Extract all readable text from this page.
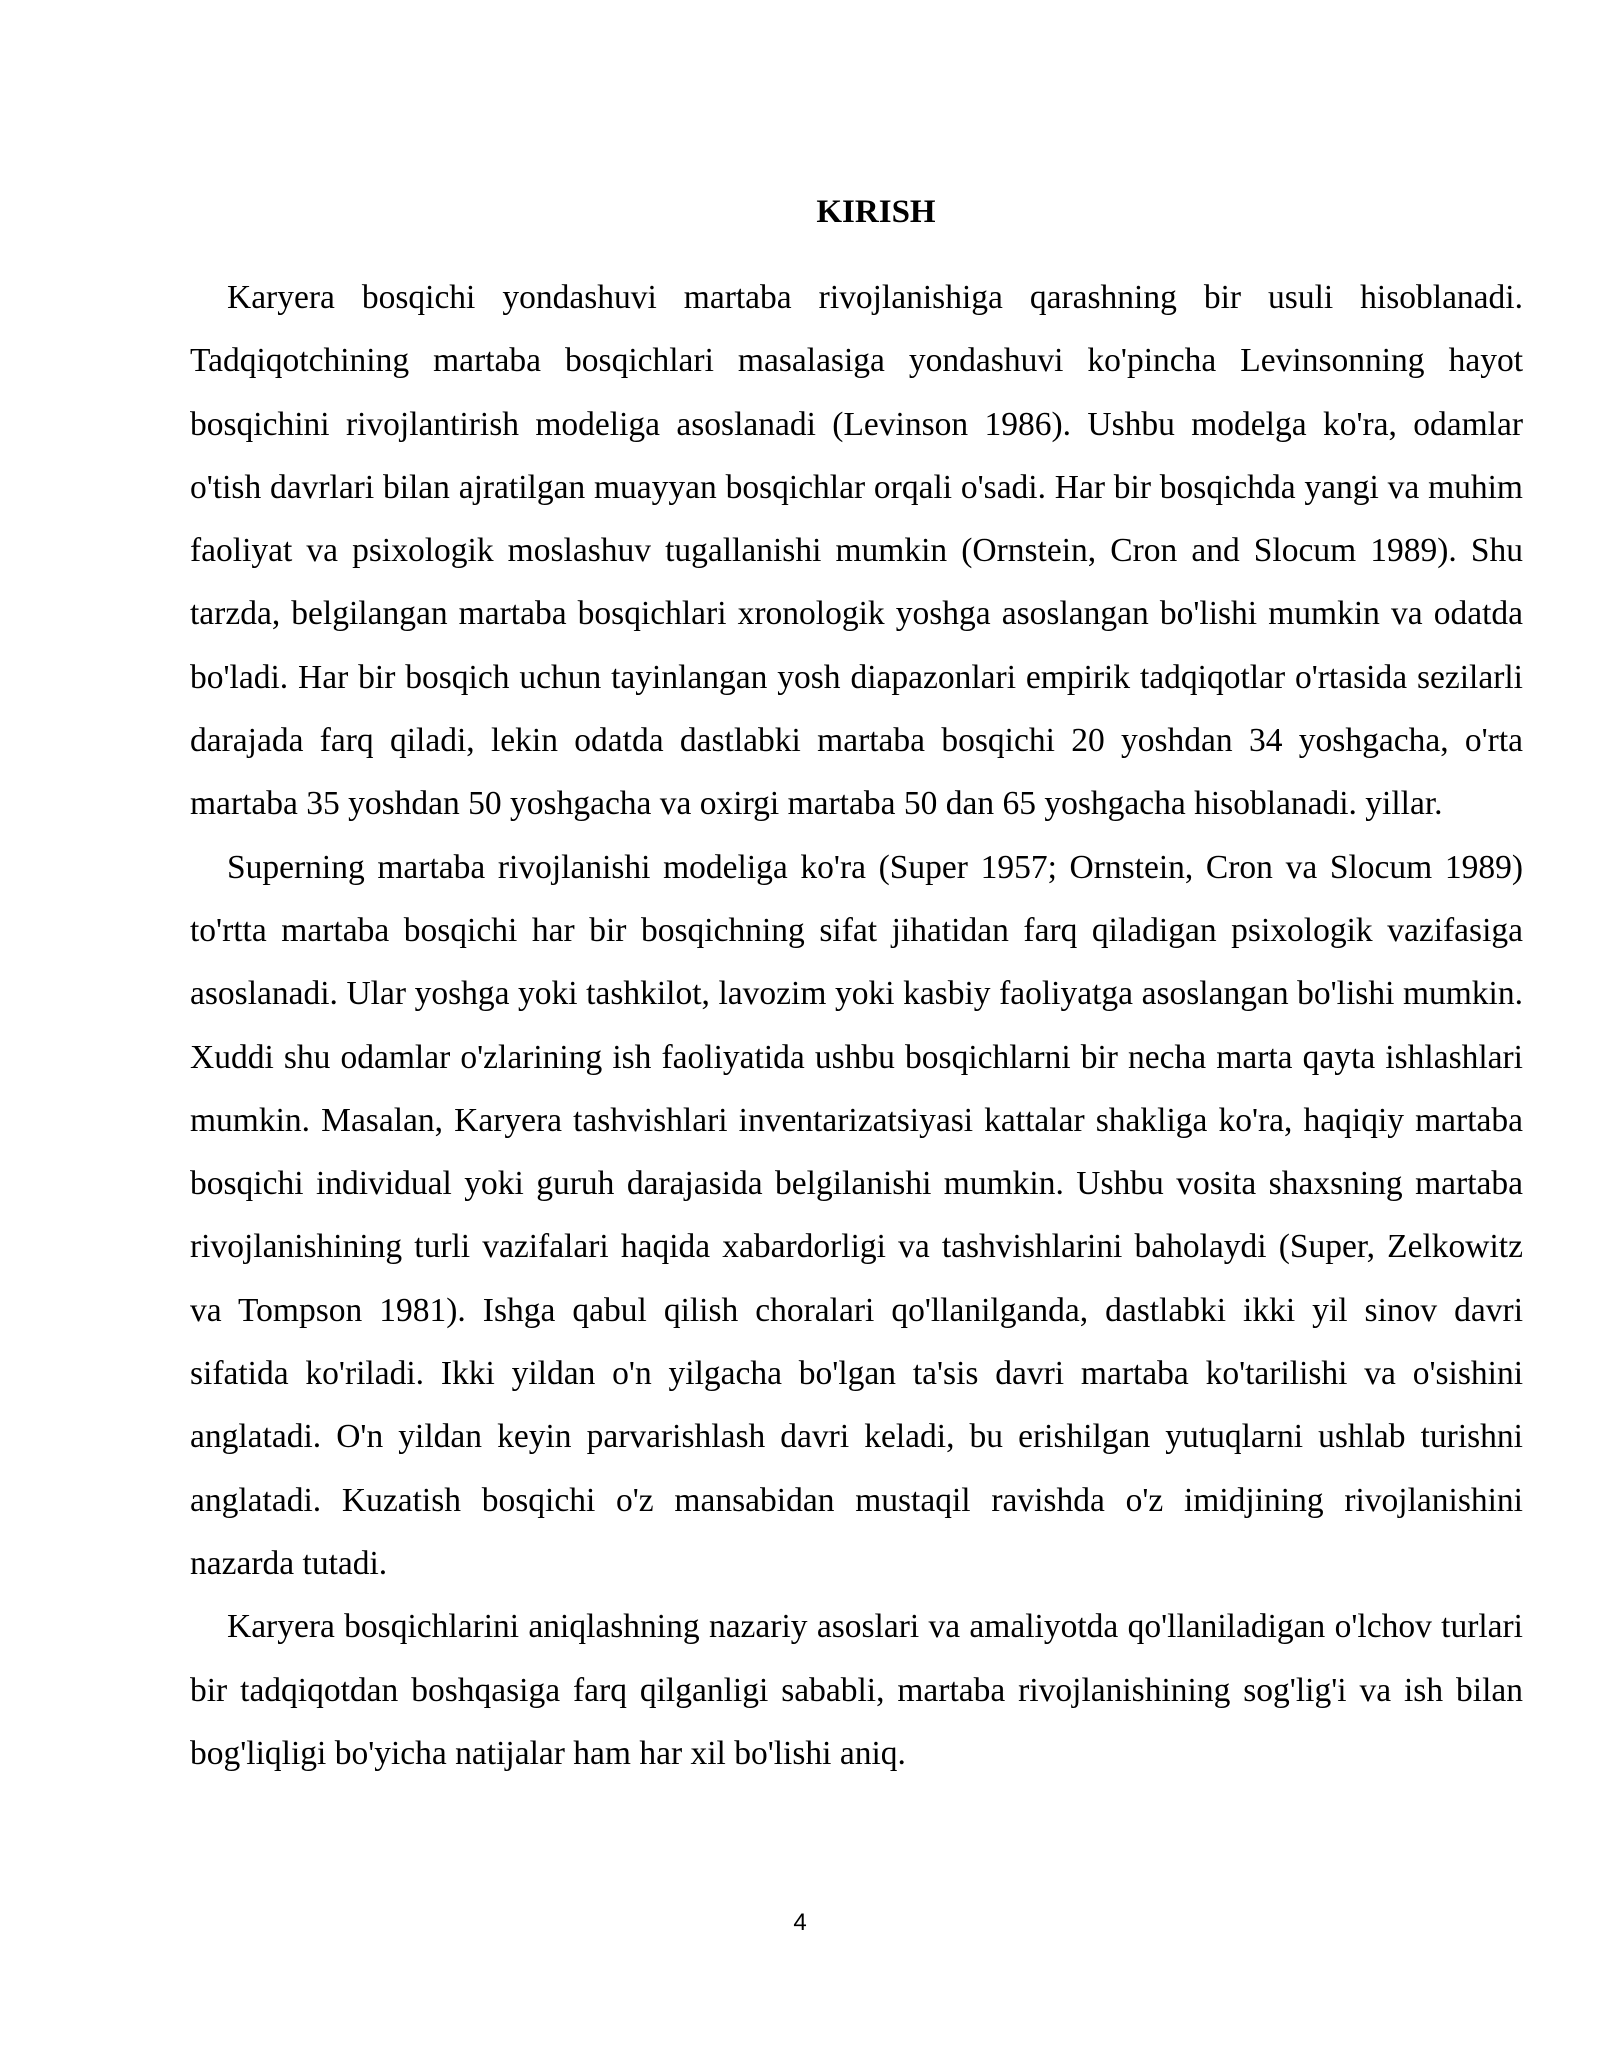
KIRISH

Karyera bosqichi yondashuvi martaba rivojlanishiga qarashning bir usuli hisoblanadi. Tadqiqotchining martaba bosqichlari masalasiga yondashuvi ko'pincha Levinsonning hayot bosqichini rivojlantirish modeliga asoslanadi (Levinson 1986). Ushbu modelga ko'ra, odamlar o'tish davrlari bilan ajratilgan muayyan bosqichlar orqali o'sadi. Har bir bosqichda yangi va muhim faoliyat va psixologik moslashuv tugallanishi mumkin (Ornstein, Cron and Slocum 1989). Shu tarzda, belgilangan martaba bosqichlari xronologik yoshga asoslangan bo'lishi mumkin va odatda bo'ladi. Har bir bosqich uchun tayinlangan yosh diapazonlari empirik tadqiqotlar o'rtasida sezilarli darajada farq qiladi, lekin odatda dastlabki martaba bosqichi 20 yoshdan 34 yoshgacha, o'rta martaba 35 yoshdan 50 yoshgacha va oxirgi martaba 50 dan 65 yoshgacha hisoblanadi. yillar.

Superning martaba rivojlanishi modeliga ko'ra (Super 1957; Ornstein, Cron va Slocum 1989) to'rtta martaba bosqichi har bir bosqichning sifat jihatidan farq qiladigan psixologik vazifasiga asoslanadi. Ular yoshga yoki tashkilot, lavozim yoki kasbiy faoliyatga asoslangan bo'lishi mumkin. Xuddi shu odamlar o'zlarining ish faoliyatida ushbu bosqichlarni bir necha marta qayta ishlashlari mumkin. Masalan, Karyera tashvishlari inventarizatsiyasi kattalar shakliga ko'ra, haqiqiy martaba bosqichi individual yoki guruh darajasida belgilanishi mumkin. Ushbu vosita shaxsning martaba rivojlanishining turli vazifalari haqida xabardorligi va tashvishlarini baholaydi (Super, Zelkowitz va Tompson 1981). Ishga qabul qilish choralari qo'llanilganda, dastlabki ikki yil sinov davri sifatida ko'riladi. Ikki yildan o'n yilgacha bo'lgan ta'sis davri martaba ko'tarilishi va o'sishini anglatadi. O'n yildan keyin parvarishlash davri keladi, bu erishilgan yutuqlarni ushlab turishni anglatadi. Kuzatish bosqichi o'z mansabidan mustaqil ravishda o'z imidjining rivojlanishini nazarda tutadi.

Karyera bosqichlarini aniqlashning nazariy asoslari va amaliyotda qo'llaniladigan o'lchov turlari bir tadqiqotdan boshqasiga farq qilganligi sababli, martaba rivojlanishining sog'lig'i va ish bilan bog'liqligi bo'yicha natijalar ham har xil bo'lishi aniq.

4
